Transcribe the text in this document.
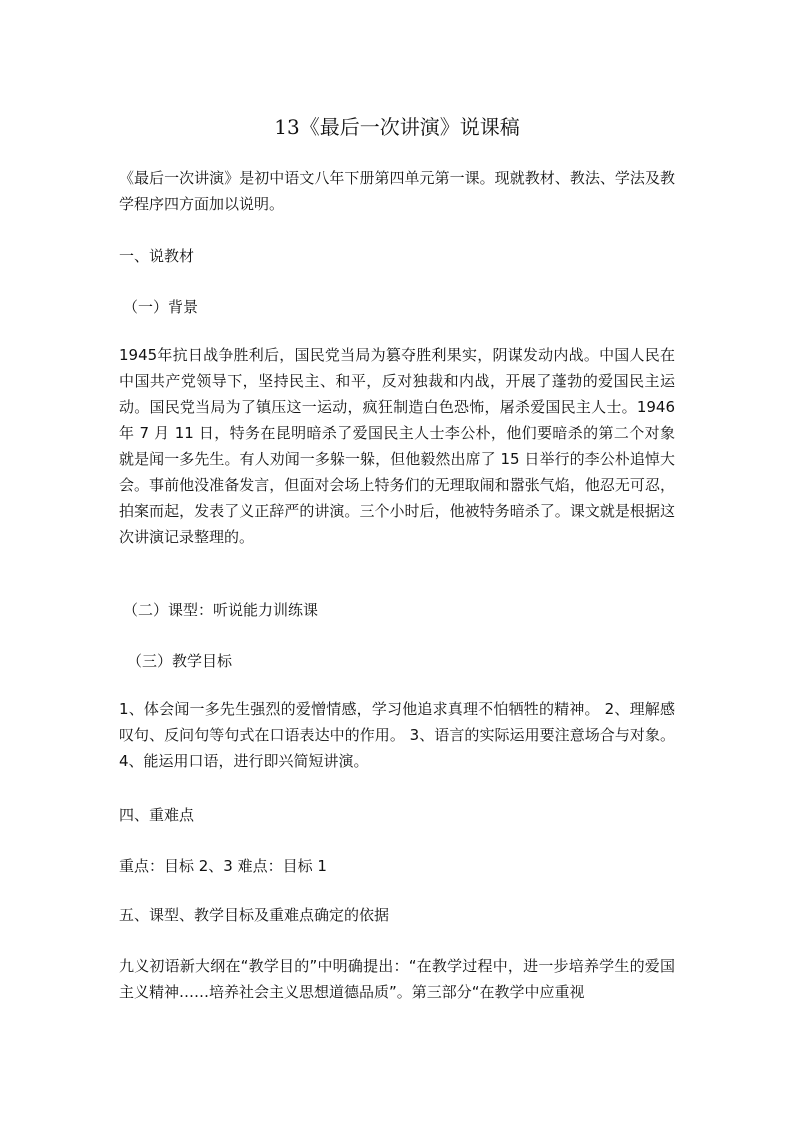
13《最后一次讲演》说课稿
《最后一次讲演》是初中语文八年下册第四单元第一课。现就教材、教法、学法及教学程序四方面加以说明。
一、说教材
（一）背景
1945年抗日战争胜利后，国民党当局为篡夺胜利果实，阴谋发动内战。中国人民在中国共产党领导下，坚持民主、和平，反对独裁和内战，开展了蓬勃的爱国民主运动。国民党当局为了镇压这一运动，疯狂制造白色恐怖，屠杀爱国民主人士。1946 年 7 月 11 日，特务在昆明暗杀了爱国民主人士李公朴，他们要暗杀的第二个对象就是闻一多先生。有人劝闻一多躲一躲，但他毅然出席了 15 日举行的李公朴追悼大会。事前他没准备发言，但面对会场上特务们的无理取闹和嚣张气焰，他忍无可忍，拍案而起，发表了义正辞严的讲演。三个小时后，他被特务暗杀了。课文就是根据这次讲演记录整理的。
（二）课型：听说能力训练课
（三）教学目标
1、体会闻一多先生强烈的爱憎情感，学习他追求真理不怕牺牲的精神。 2、理解感叹句、反问句等句式在口语表达中的作用。 3、语言的实际运用要注意场合与对象。 4、能运用口语，进行即兴简短讲演。
四、重难点
重点：目标 2、3 难点：目标 1
五、课型、教学目标及重难点确定的依据
九义初语新大纲在“教学目的”中明确提出：“在教学过程中，进一步培养学生的爱国主义精神……培养社会主义思想道德品质”。第三部分“在教学中应重视
